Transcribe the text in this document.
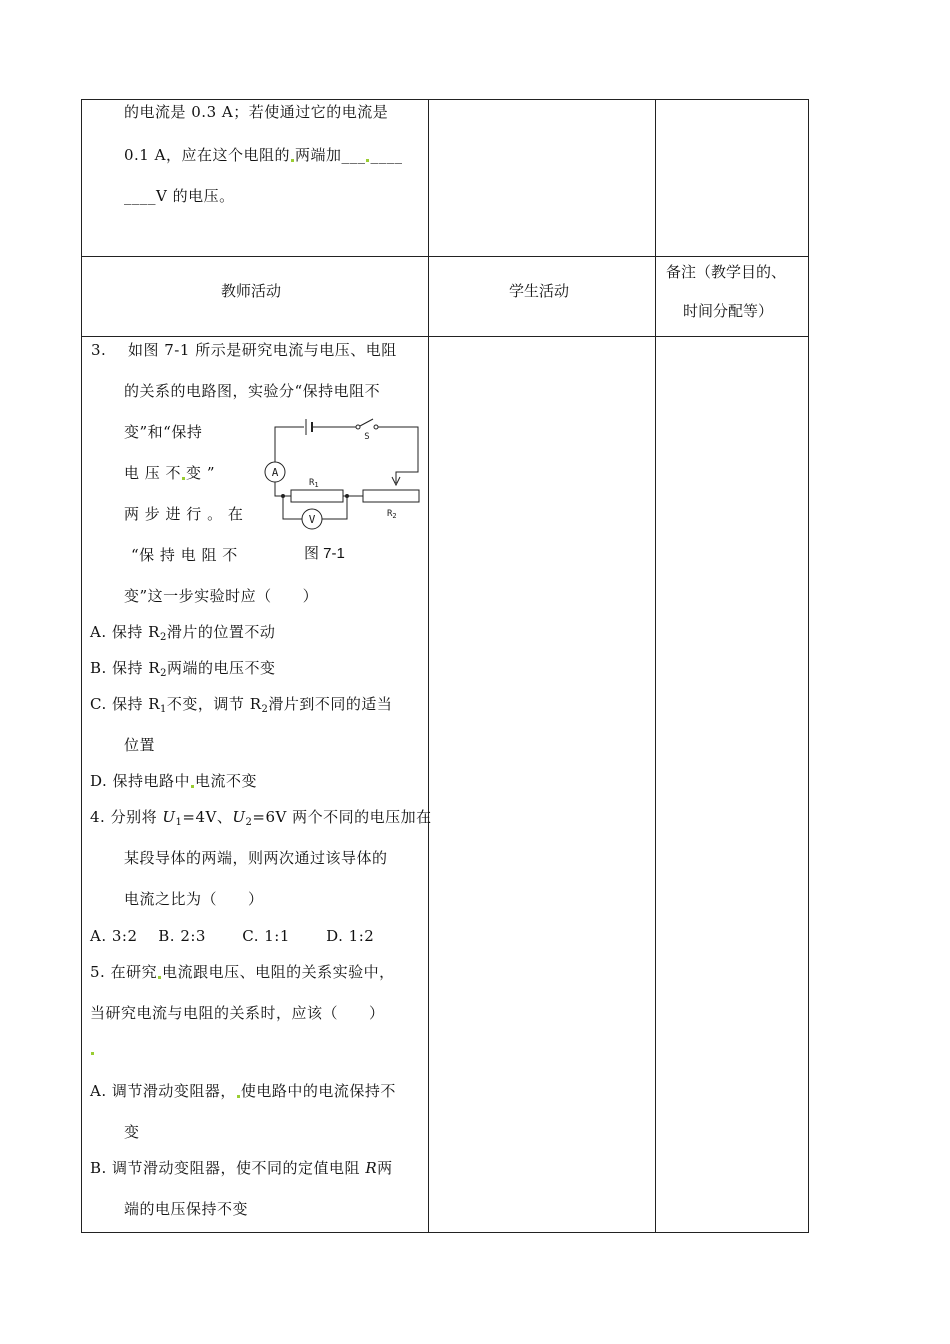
的电流是 0.3 A；若使通过它的电流是
0.1 A，应在这个电阻的 两端加___ ____
____V 的电压。
教师活动	学生活动
备注（教学目的、
时间分配等）
3. 如图 7-1 所示是研究电流与电压、电阻
的关系的电路图，实验分“保持电阻不
变”和“保持
电 压 不 变 ”
两 步 进 行 。 在
“保 持 电 阻 不
变”这一步实验时应（　　）
A
V
S
$R_1$
$R_2$
图 7-1
A. 保持 $R_2$滑片的位置不动
B. 保持 $R_2$两端的电压不变
C. 保持 $R_1$不变，调节 $R_2$滑片到不同的适当
位置
D. 保持电路中 电流不变
4. 分别将 $U_1=4V$、$U_2=6V$ 两个不同的电压加在
某段导体的两端，则两次通过该导体的
电流之比为（　　）
A. 3:2　 B. 2:3　　 C. 1:1　　 D. 1:2
5. 在研究 电流跟电压、电阻的关系实验中，
当研究电流与电阻的关系时，应该（　　）
A. 调节滑动变阻器， 使电路中的电流保持不
变
B. 调节滑动变阻器，使不同的定值电阻 R两
端的电压保持不变
